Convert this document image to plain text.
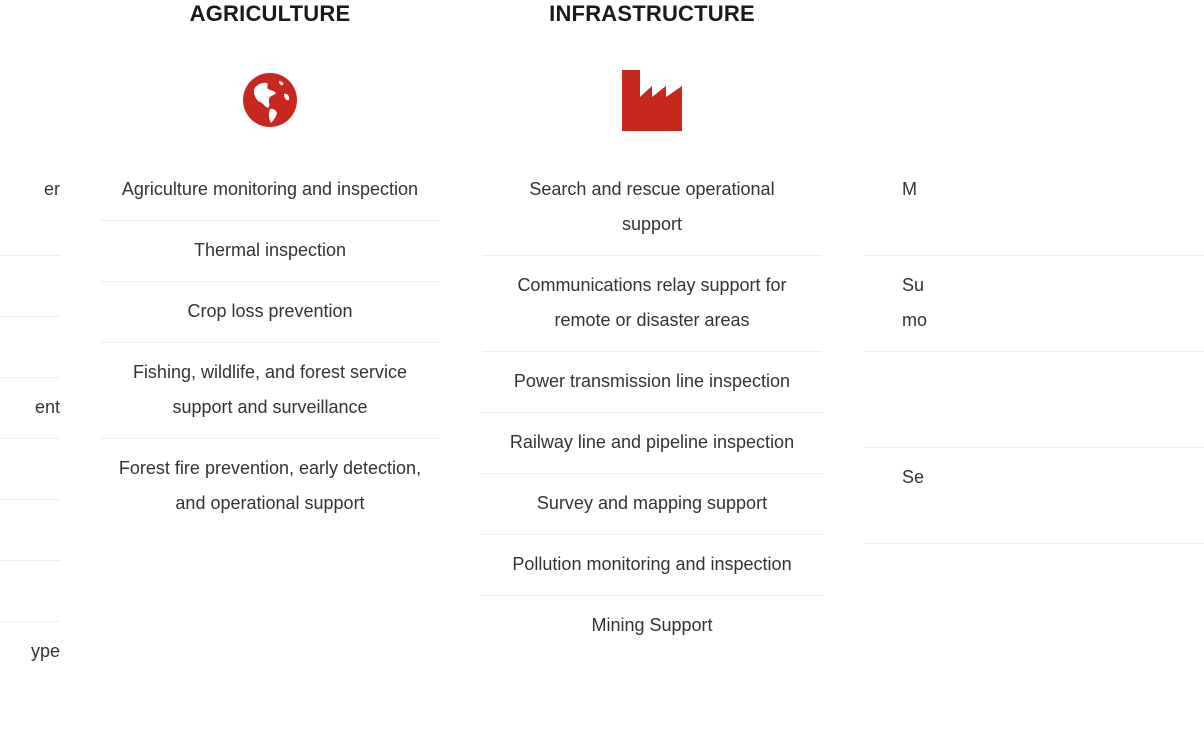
er
ent
ype
AGRICULTURE
Agriculture monitoring and inspection
Thermal inspection
Crop loss prevention
Fishing, wildlife, and forest service support and surveillance
Forest fire prevention, early detection, and operational support
INFRASTRUCTURE
Search and rescue operational support
Communications relay support for remote or disaster areas
Power transmission line inspection
Railway line and pipeline inspection
Survey and mapping support
Pollution monitoring and inspection
Mining Support
M
Su
mo
Se
